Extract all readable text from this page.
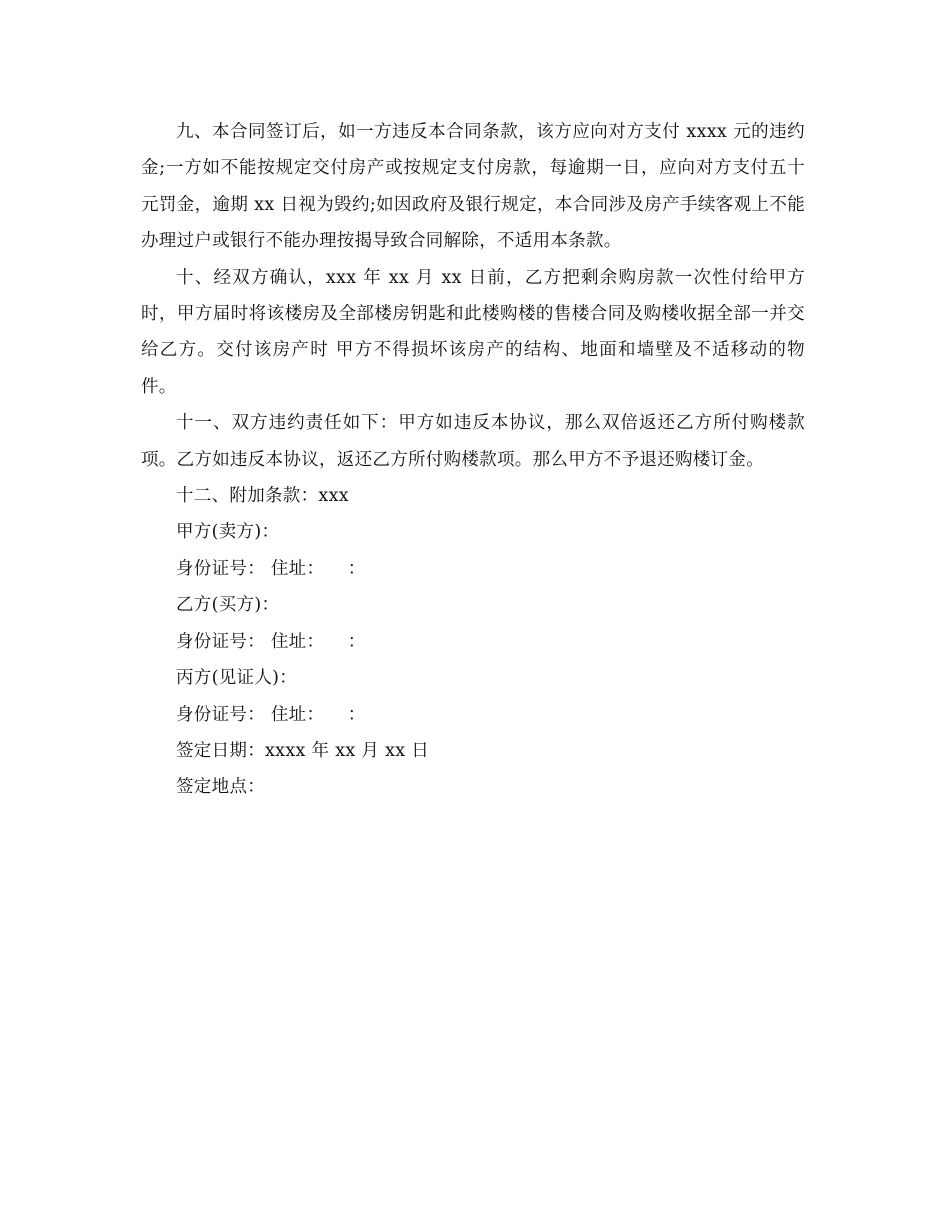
九、本合同签订后，如一方违反本合同条款，该方应向对方支付 xxxx 元的违约金;一方如不能按规定交付房产或按规定支付房款，每逾期一日，应向对方支付五十元罚金，逾期 xx 日视为毁约;如因政府及银行规定，本合同涉及房产手续客观上不能办理过户或银行不能办理按揭导致合同解除，不适用本条款。

十、经双方确认，xxx 年 xx 月 xx 日前，乙方把剩余购房款一次性付给甲方时，甲方届时将该楼房及全部楼房钥匙和此楼购楼的售楼合同及购楼收据全部一并交给乙方。交付该房产时 甲方不得损坏该房产的结构、地面和墙壁及不适移动的物件。

十一、双方违约责任如下：甲方如违反本协议，那么双倍返还乙方所付购楼款项。乙方如违反本协议，返还乙方所付购楼款项。那么甲方不予退还购楼订金。

十二、附加条款：xxx

甲方(卖方)：

身份证号： 住址：    ：

乙方(买方)：

身份证号： 住址：    ：

丙方(见证人)：

身份证号： 住址：    ：

签定日期：xxxx 年 xx 月 xx 日

签定地点：
